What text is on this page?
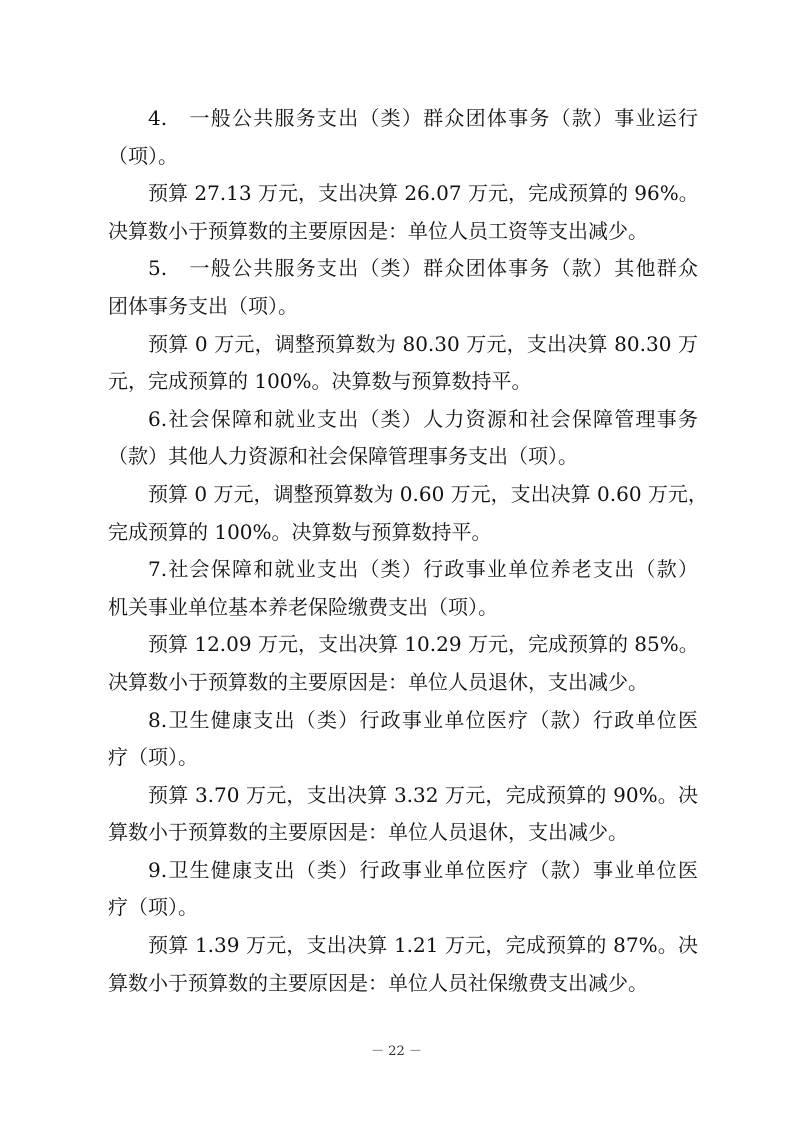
4.　一般公共服务支出（类）群众团体事务（款）事业运行
（项）。
预算 27.13 万元，支出决算 26.07 万元，完成预算的 96%。
决算数小于预算数的主要原因是：单位人员工资等支出减少。
5.　一般公共服务支出（类）群众团体事务（款）其他群众
团体事务支出（项）。
预算 0 万元，调整预算数为 80.30 万元，支出决算 80.30 万
元，完成预算的 100%。决算数与预算数持平。
6.社会保障和就业支出（类）人力资源和社会保障管理事务
（款）其他人力资源和社会保障管理事务支出（项）。
预算 0 万元，调整预算数为 0.60 万元，支出决算 0.60 万元，
完成预算的 100%。决算数与预算数持平。
7.社会保障和就业支出（类）行政事业单位养老支出（款）
机关事业单位基本养老保险缴费支出（项）。
预算 12.09 万元，支出决算 10.29 万元，完成预算的 85%。
决算数小于预算数的主要原因是：单位人员退休，支出减少。
8.卫生健康支出（类）行政事业单位医疗（款）行政单位医
疗（项）。
预算 3.70 万元，支出决算 3.32 万元，完成预算的 90%。决
算数小于预算数的主要原因是：单位人员退休，支出减少。
9.卫生健康支出（类）行政事业单位医疗（款）事业单位医
疗（项）。
预算 1.39 万元，支出决算 1.21 万元，完成预算的 87%。决
算数小于预算数的主要原因是：单位人员社保缴费支出减少。
－ 22 －
